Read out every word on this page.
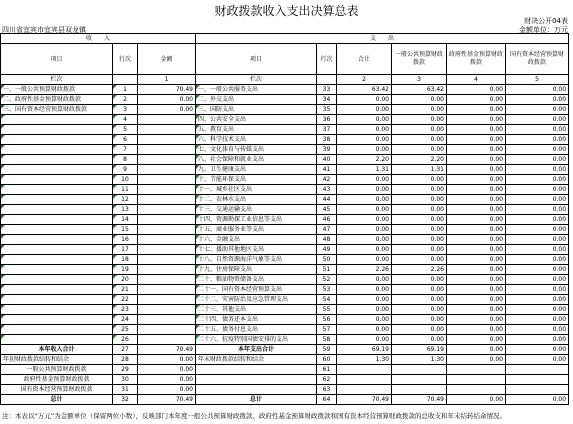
财政拨款收入支出决算总表
财决公开04表
四川省宜宾市宜宾县双龙镇	金额单位：万元
收　　入			支　　出					
项目	行次	金额	项目	行次	合计	一般公共预算财政拨款	政府性基金预算财政拨款	国有资本经营预算财政拨款
栏次		1	栏次		2	3	4	5
一、一般公共预算财政拨款	1	70.49	一、一般公共服务支出	33	63.42	63.42	0.00	0.00
二、政府性基金预算财政拨款	2	0.00	二、外交支出	34	0.00	0.00	0.00	0.00
三、国有资本经营预算财政拨款	3	0.00	三、国防支出	35	0.00	0.00	0.00	0.00
	4		四、公共安全支出	36	0.00	0.00	0.00	0.00
	5		五、教育支出	37	0.00	0.00	0.00	0.00
	6		六、科学技术支出	38	0.00	0.00	0.00	0.00
	7		七、文化体育与传媒支出	39	0.00	0.00	0.00	0.00
	8		八、社会保障和就业支出	40	2.20	2.20	0.00	0.00
	9		九、卫生健康支出	41	1.31	1.31	0.00	0.00
	10		十、节能环保支出	42	0.00	0.00	0.00	0.00
	11		十一、城乡社区支出	43	0.00	0.00	0.00	0.00
	12		十二、农林水支出	44	0.00	0.00	0.00	0.00
	13		十三、交通运输支出	45	0.00	0.00	0.00	0.00
	14		十四、资源勘探工业信息等支出	46	0.00	0.00	0.00	0.00
	15		十五、商业服务业等支出	47	0.00	0.00	0.00	0.00
	16		十六、金融支出	48	0.00	0.00	0.00	0.00
	17		十七、援助其他地区支出	49	0.00	0.00	0.00	0.00
	18		十八、自然资源海洋气象等支出	50	0.00	0.00	0.00	0.00
	19		十九、住房保障支出	51	2.26	2.26	0.00	0.00
	20		二十、粮油物资储备支出	52	0.00	0.00	0.00	0.00
	21		二十一、国有资本经营预算支出	53	0.00	0.00	0.00	0.00
	22		二十二、灾害防治及应急管理支出	54	0.00	0.00	0.00	0.00
	23		二十三、其他支出	55	0.00	0.00	0.00	0.00
	24		二十四、债务还本支出	56	0.00	0.00	0.00	0.00
	25		二十五、债务付息支出	57	0.00	0.00	0.00	0.00
	26		二十六、抗疫特别国债安排的支出	58	0.00	0.00	0.00	0.00
本年收入合计	27	70.49	本年支出合计	59	69.19	69.19	0.00	0.00
年初财政拨款结转和结余	28	0.00	年末财政拨款结转和结余	60	1.30	1.30	0.00	0.00
一般公共预算财政拨款	29	0.00		61				
政府性基金预算财政拨款	30	0.00		62				
国有资本经营预算财政拨款	31	0.00		63				
总计	32	70.49	总计	64	70.49	70.49	0.00	0.00
注：本表以“万元”为金额单位（保留两位小数），反映部门本年度一般公共预算财政拨款、政府性基金预算财政拨款和国有资本经营预算财政拨款的总收支和年末结转结余情况。
